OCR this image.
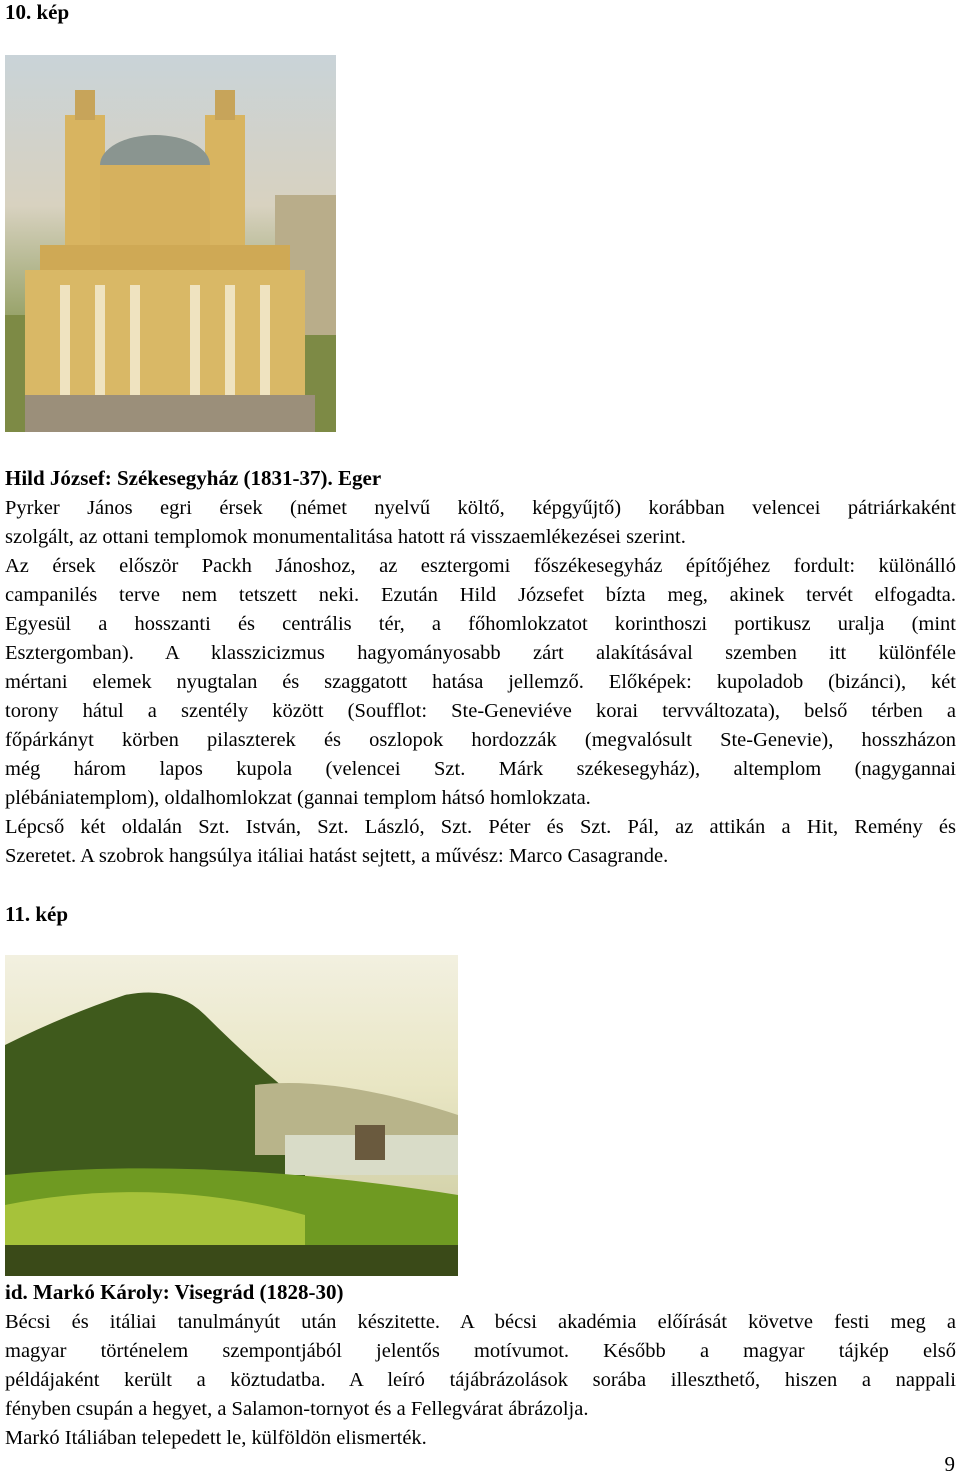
10. kép
Hild József: Székesegyház (1831-37). Eger
Pyrker János egri érsek (német nyelvű költő, képgyűjtő) korábban velencei pátriárkaként
szolgált, az ottani templomok monumentalitása hatott rá visszaemlékezései szerint.
Az érsek először Packh Jánoshoz, az esztergomi főszékesegyház építőjéhez fordult: különálló
campanilés terve nem tetszett neki. Ezután Hild Józsefet bízta meg, akinek tervét elfogadta.
Egyesül a hosszanti és centrális tér, a főhomlokzatot korinthoszi portikusz uralja (mint
Esztergomban). A klasszicizmus hagyományosabb zárt alakításával szemben itt különféle
mértani elemek nyugtalan és szaggatott hatása jellemző. Előképek: kupoladob (bizánci), két
torony hátul a szentély között (Soufflot: Ste-Geneviéve korai tervváltozata), belső térben a
főpárkányt körben pilaszterek és oszlopok hordozzák (megvalósult Ste-Genevie), hosszházon
még három lapos kupola (velencei Szt. Márk székesegyház), altemplom (nagygannai
plébániatemplom), oldalhomlokzat (gannai templom hátsó homlokzata.
Lépcső két oldalán Szt. István, Szt. László, Szt. Péter és Szt. Pál, az attikán a Hit, Remény és
Szeretet. A szobrok hangsúlya itáliai hatást sejtett, a művész: Marco Casagrande.
11. kép
id. Markó Károly: Visegrád (1828-30)
Bécsi és itáliai tanulmányút után készitette. A bécsi akadémia előírását követve festi meg a
magyar történelem szempontjából jelentős motívumot. Később a magyar tájkép első
példájaként került a köztudatba. A leíró tájábrázolások sorába illeszthető, hiszen a nappali
fényben csupán a hegyet, a Salamon-tornyot és a Fellegvárat ábrázolja.
Markó Itáliában telepedett le, külföldön elismerték.
9
